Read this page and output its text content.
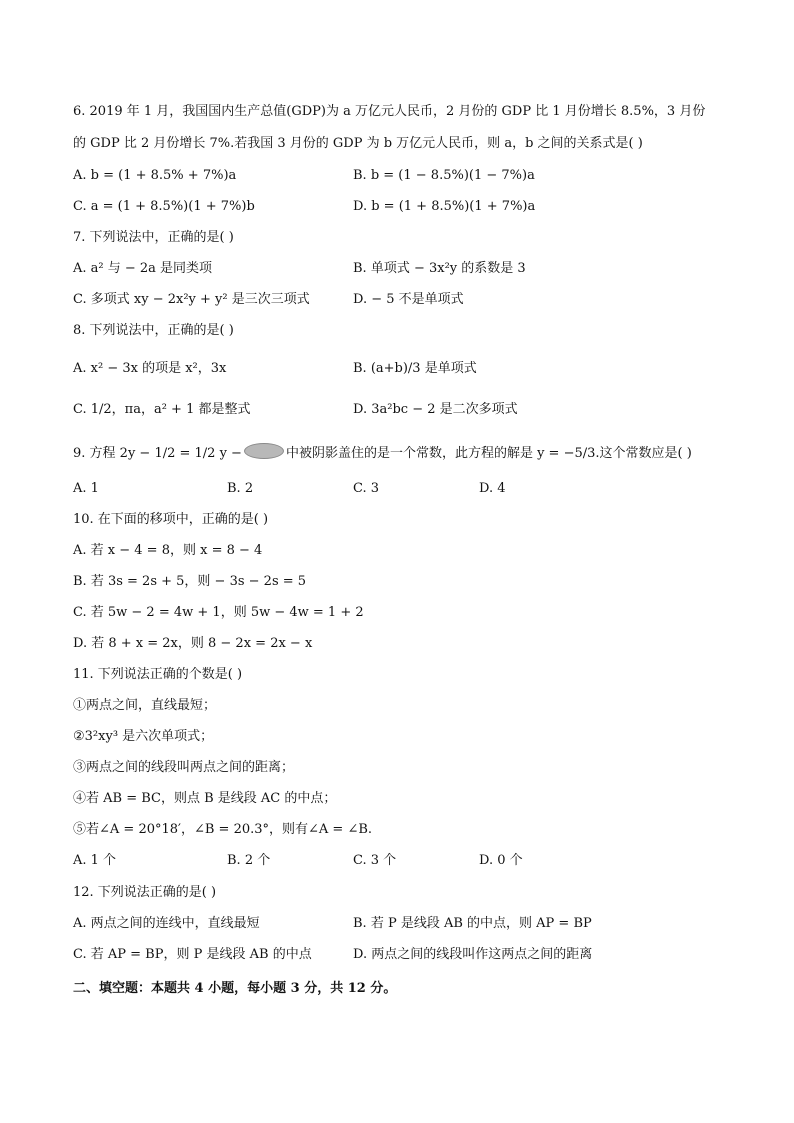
6. 2019 年 1 月，我国国内生产总值(GDP)为 a 万亿元人民币，2 月份的 GDP 比 1 月份增长 8.5%，3 月份
的 GDP 比 2 月份增长 7%.若我国 3 月份的 GDP 为 b 万亿元人民币，则 a，b 之间的关系式是( )
A. b = (1 + 8.5% + 7%)a	B. b = (1 − 8.5%)(1 − 7%)a
C. a = (1 + 8.5%)(1 + 7%)b	D. b = (1 + 8.5%)(1 + 7%)a
7. 下列说法中，正确的是( )
A. a² 与 − 2a 是同类项	B. 单项式 − 3x²y 的系数是 3
C. 多项式 xy − 2x²y + y² 是三次三项式	D. − 5 不是单项式
8. 下列说法中，正确的是( )
A. x² − 3x 的项是 x²，3x	B. (a+b)/3 是单项式
C. 1/2，πa，a² + 1 都是整式	D. 3a²bc − 2 是二次多项式
9. 方程 2y − 1/2 = 1/2 y −	中被阴影盖住的是一个常数，此方程的解是 y = −5/3.这个常数应是( )
A. 1	B. 2	C. 3	D. 4
10. 在下面的移项中，正确的是( )
A. 若 x − 4 = 8，则 x = 8 − 4
B. 若 3s = 2s + 5，则 − 3s − 2s = 5
C. 若 5w − 2 = 4w + 1，则 5w − 4w = 1 + 2
D. 若 8 + x = 2x，则 8 − 2x = 2x − x
11. 下列说法正确的个数是( )
①两点之间，直线最短；
②3²xy³ 是六次单项式；
③两点之间的线段叫两点之间的距离；
④若 AB = BC，则点 B 是线段 AC 的中点；
⑤若∠A = 20°18′，∠B = 20.3°，则有∠A = ∠B.
A. 1 个	B. 2 个	C. 3 个	D. 0 个
12. 下列说法正确的是( )
A. 两点之间的连线中，直线最短	B. 若 P 是线段 AB 的中点，则 AP = BP
C. 若 AP = BP，则 P 是线段 AB 的中点	D. 两点之间的线段叫作这两点之间的距离
二、填空题：本题共 4 小题，每小题 3 分，共 12 分。
